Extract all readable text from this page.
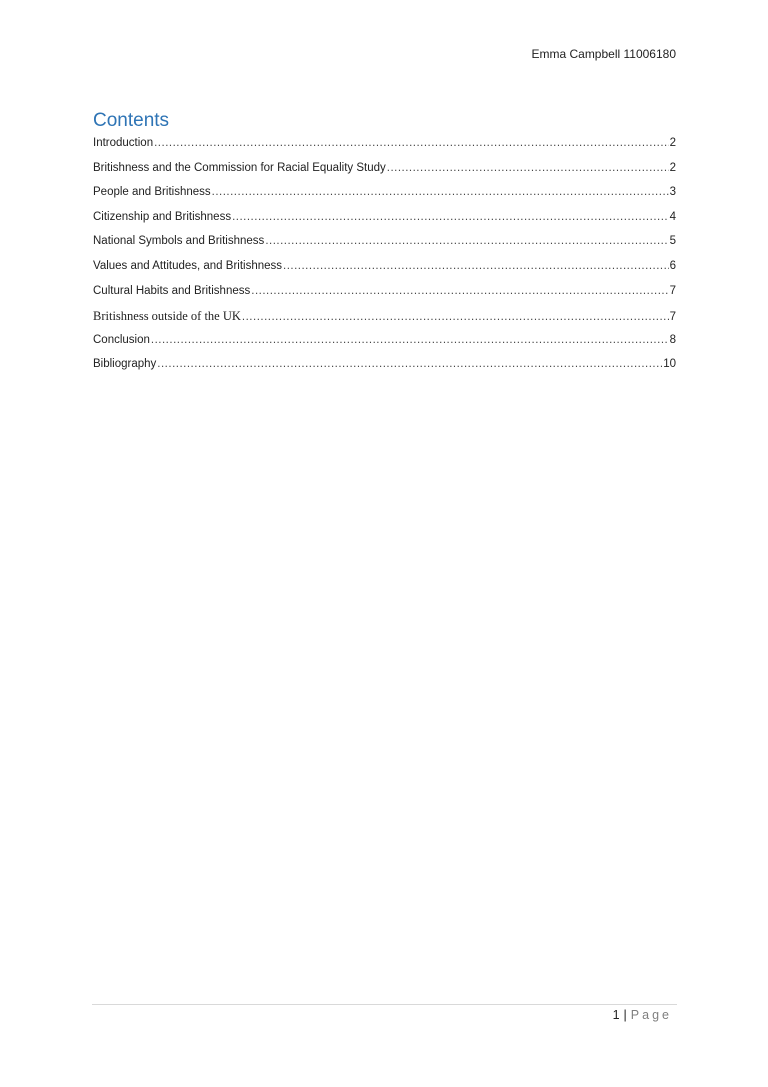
Emma Campbell 11006180
Contents
Introduction .....	2
Britishness and the Commission for Racial Equality Study .....	2
People and Britishness .....	3
Citizenship and Britishness .....	4
National Symbols and Britishness .....	5
Values and Attitudes, and Britishness .....	6
Cultural Habits and Britishness .....	7
Britishness outside of the UK .....	7
Conclusion .....	8
Bibliography .....	10
1 | Page
